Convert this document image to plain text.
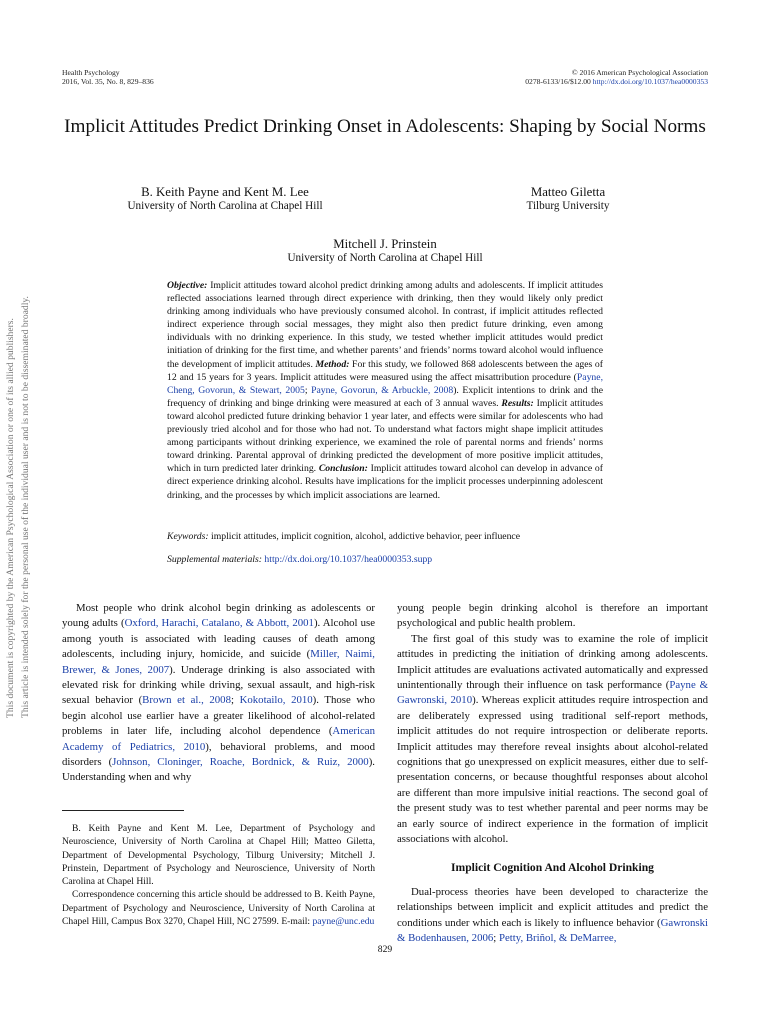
Health Psychology
2016, Vol. 35, No. 8, 829–836
© 2016 American Psychological Association
0278-6133/16/$12.00 http://dx.doi.org/10.1037/hea0000353
Implicit Attitudes Predict Drinking Onset in Adolescents: Shaping by Social Norms
B. Keith Payne and Kent M. Lee
University of North Carolina at Chapel Hill
Matteo Giletta
Tilburg University
Mitchell J. Prinstein
University of North Carolina at Chapel Hill
Objective: Implicit attitudes toward alcohol predict drinking among adults and adolescents. If implicit attitudes reflected associations learned through direct experience with drinking, then they would likely only predict drinking among individuals who have previously consumed alcohol. In contrast, if implicit attitudes reflected indirect experience through social messages, they might also then predict future drinking, even among individuals with no drinking experience. In this study, we tested whether implicit attitudes would predict initiation of drinking for the first time, and whether parents’ and friends’ norms toward alcohol would influence the development of implicit attitudes. Method: For this study, we followed 868 adolescents between the ages of 12 and 15 years for 3 years. Implicit attitudes were measured using the affect misattribution procedure (Payne, Cheng, Govorun, & Stewart, 2005; Payne, Govorun, & Arbuckle, 2008). Explicit intentions to drink and the frequency of drinking and binge drinking were measured at each of 3 annual waves. Results: Implicit attitudes toward alcohol predicted future drinking behavior 1 year later, and effects were similar for adolescents who had previously tried alcohol and for those who had not. To understand what factors might shape implicit attitudes among participants without drinking experience, we examined the role of parental norms and friends’ norms toward drinking. Parental approval of drinking predicted the development of more positive implicit attitudes, which in turn predicted later drinking. Conclusion: Implicit attitudes toward alcohol can develop in advance of direct experience drinking alcohol. Results have implications for the implicit processes underpinning adolescent drinking, and the processes by which implicit associations are learned.
Keywords: implicit attitudes, implicit cognition, alcohol, addictive behavior, peer influence
Supplemental materials: http://dx.doi.org/10.1037/hea0000353.supp
This document is copyrighted by the American Psychological Association or one of its allied publishers. This article is intended solely for the personal use of the individual user and is not to be disseminated broadly.	Most people who drink alcohol begin drinking as adolescents or young adults (Oxford, Harachi, Catalano, & Abbott, 2001). Alcohol use among youth is associated with leading causes of death among adolescents, including injury, homicide, and suicide (Miller, Naimi, Brewer, & Jones, 2007). Underage drinking is also associated with elevated risk for drinking while driving, sexual assault, and high-risk sexual behavior (Brown et al., 2008; Kokotailo, 2010). Those who begin alcohol use earlier have a greater likelihood of alcohol-related problems in later life, including alcohol dependence (American Academy of Pediatrics, 2010), behavioral problems, and mood disorders (Johnson, Cloninger, Roache, Bordnick, & Ruiz, 2000). Understanding when and why

B. Keith Payne and Kent M. Lee, Department of Psychology and Neuroscience, University of North Carolina at Chapel Hill; Matteo Giletta, Department of Developmental Psychology, Tilburg University; Mitchell J. Prinstein, Department of Psychology and Neuroscience, University of North Carolina at Chapel Hill.

Correspondence concerning this article should be addressed to B. Keith Payne, Department of Psychology and Neuroscience, University of North Carolina at Chapel Hill, Campus Box 3270, Chapel Hill, NC 27599. E-mail: payne@unc.edu

young people begin drinking alcohol is therefore an important psychological and public health problem.

The first goal of this study was to examine the role of implicit attitudes in predicting the initiation of drinking among adolescents. Implicit attitudes are evaluations activated automatically and expressed unintentionally through their influence on task performance (Payne & Gawronski, 2010). Whereas explicit attitudes require introspection and are deliberately expressed using traditional self-report methods, implicit attitudes do not require introspection or deliberate reports. Implicit attitudes may therefore reveal insights about alcohol-related cognitions that go unexpressed on explicit measures, either due to self-presentation concerns, or because thoughtful responses about alcohol are different than more impulsive initial reactions. The second goal of the present study was to test whether parental and peer norms may be an early source of indirect experience in the formation of implicit associations with alcohol.

Implicit Cognition And Alcohol Drinking

Dual-process theories have been developed to characterize the relationships between implicit and explicit attitudes and predict the conditions under which each is likely to influence behavior (Gawronski & Bodenhausen, 2006; Petty, Briñol, & DeMarree,

829
